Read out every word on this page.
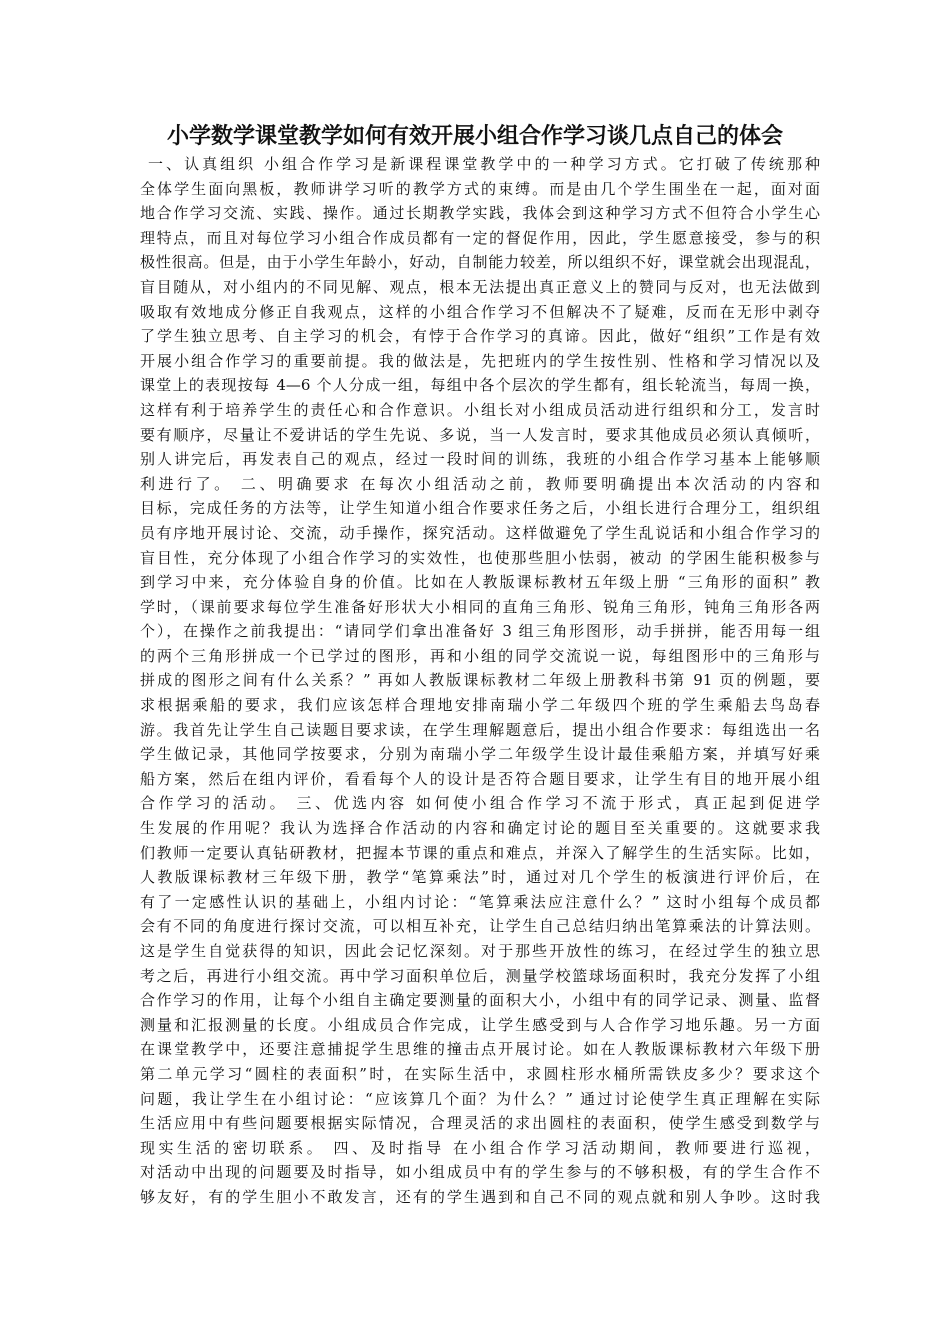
小学数学课堂教学如何有效开展小组合作学习谈几点自己的体会
一、认真组织 小组合作学习是新课程课堂教学中的一种学习方式。它打破了传统那种
全体学生面向黑板，教师讲学习听的教学方式的束缚。而是由几个学生围坐在一起，面对面
地合作学习交流、实践、操作。通过长期教学实践，我体会到这种学习方式不但符合小学生心
理特点，而且对每位学习小组合作成员都有一定的督促作用，因此，学生愿意接受，参与的积
极性很高。但是，由于小学生年龄小，好动，自制能力较差，所以组织不好，课堂就会出现混乱，
盲目随从，对小组内的不同见解、观点，根本无法提出真正意义上的赞同与反对，也无法做到
吸取有效地成分修正自我观点，这样的小组合作学习不但解决不了疑难，反而在无形中剥夺
了学生独立思考、自主学习的机会，有悖于合作学习的真谛。因此，做好“组织”工作是有效
开展小组合作学习的重要前提。我的做法是，先把班内的学生按性别、性格和学习情况以及
课堂上的表现按每 4—6 个人分成一组，每组中各个层次的学生都有，组长轮流当，每周一换，
这样有利于培养学生的责任心和合作意识。小组长对小组成员活动进行组织和分工，发言时
要有顺序，尽量让不爱讲话的学生先说、多说，当一人发言时，要求其他成员必须认真倾听，
别人讲完后，再发表自己的观点，经过一段时间的训练，我班的小组合作学习基本上能够顺
利进行了。 二、明确要求 在每次小组活动之前，教师要明确提出本次活动的内容和
目标，完成任务的方法等，让学生知道小组合作要求任务之后，小组长进行合理分工，组织组
员有序地开展讨论、交流，动手操作，探究活动。这样做避免了学生乱说话和小组合作学习的
盲目性，充分体现了小组合作学习的实效性，也使那些胆小怯弱，被动 的学困生能积极参与
到学习中来，充分体验自身的价值。比如在人教版课标教材五年级上册 “三角形的面积” 教
学时，（课前要求每位学生准备好形状大小相同的直角三角形、锐角三角形，钝角三角形各两
个），在操作之前我提出：“请同学们拿出准备好 3 组三角形图形，动手拼拼，能否用每一组
的两个三角形拼成一个已学过的图形，再和小组的同学交流说一说，每组图形中的三角形与
拼成的图形之间有什么关系？” 再如人教版课标教材二年级上册教科书第 91 页的例题，要
求根据乘船的要求，我们应该怎样合理地安排南瑞小学二年级四个班的学生乘船去鸟岛春
游。我首先让学生自己读题目要求读，在学生理解题意后，提出小组合作要求：每组选出一名
学生做记录，其他同学按要求，分别为南瑞小学二年级学生设计最佳乘船方案，并填写好乘
船方案，然后在组内评价，看看每个人的设计是否符合题目要求，让学生有目的地开展小组
合作学习的活动。 三、优选内容 如何使小组合作学习不流于形式，真正起到促进学
生发展的作用呢？我认为选择合作活动的内容和确定讨论的题目至关重要的。这就要求我
们教师一定要认真钻研教材，把握本节课的重点和难点，并深入了解学生的生活实际。比如，
人教版课标教材三年级下册，教学“笔算乘法”时，通过对几个学生的板演进行评价后，在
有了一定感性认识的基础上，小组内讨论：“笔算乘法应注意什么？” 这时小组每个成员都
会有不同的角度进行探讨交流，可以相互补充，让学生自己总结归纳出笔算乘法的计算法则。
这是学生自觉获得的知识，因此会记忆深刻。对于那些开放性的练习，在经过学生的独立思
考之后，再进行小组交流。再中学习面积单位后，测量学校篮球场面积时，我充分发挥了小组
合作学习的作用，让每个小组自主确定要测量的面积大小，小组中有的同学记录、测量、监督
测量和汇报测量的长度。小组成员合作完成，让学生感受到与人合作学习地乐趣。另一方面
在课堂教学中，还要注意捕捉学生思维的撞击点开展讨论。如在人教版课标教材六年级下册
第二单元学习“圆柱的表面积”时，在实际生活中，求圆柱形水桶所需铁皮多少？要求这个
问题，我让学生在小组讨论：“应该算几个面？为什么？” 通过讨论使学生真正理解在实际
生活应用中有些问题要根据实际情况，合理灵活的求出圆柱的表面积，使学生感受到数学与
现实生活的密切联系。 四、及时指导 在小组合作学习活动期间，教师要进行巡视，
对活动中出现的问题要及时指导，如小组成员中有的学生参与的不够积极，有的学生合作不
够友好，有的学生胆小不敢发言，还有的学生遇到和自己不同的观点就和别人争吵。这时我
